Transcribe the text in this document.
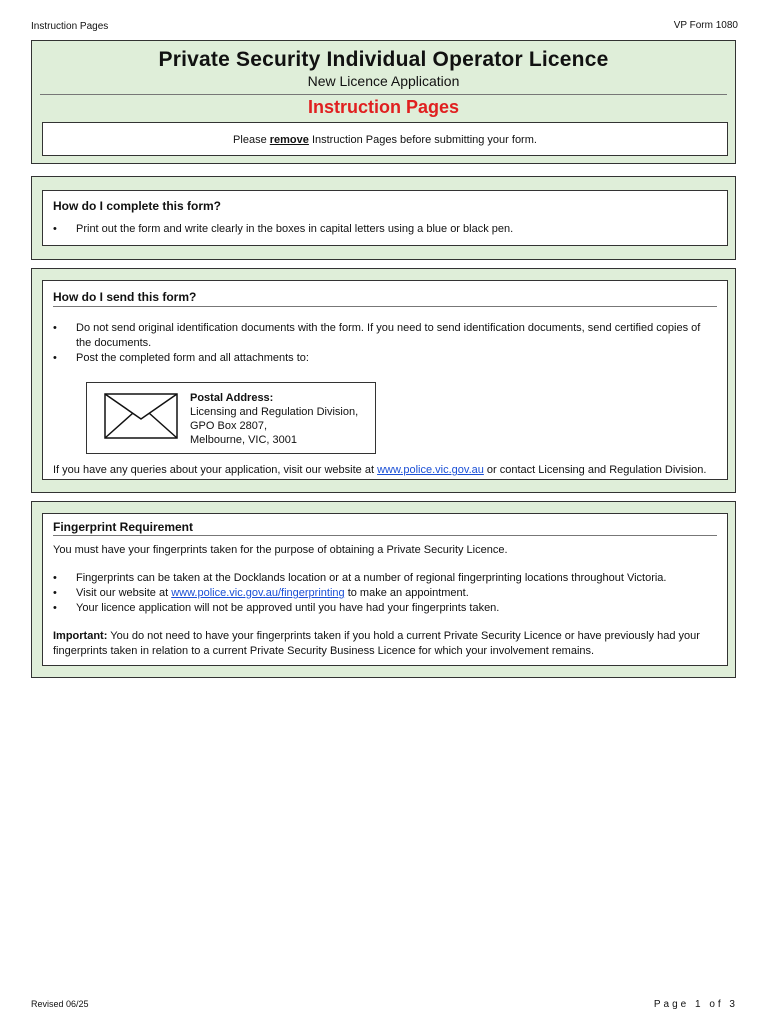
Instruction Pages	VP Form 1080
Private Security Individual Operator Licence
New Licence Application
Instruction Pages
Please remove Instruction Pages before submitting your form.
How do I complete this form?
• Print out the form and write clearly in the boxes in capital letters using a blue or black pen.
How do I send this form?
• Do not send original identification documents with the form. If you need to send identification documents, send certified copies of the documents.
• Post the completed form and all attachments to:
Postal Address:
Licensing and Regulation Division,
GPO Box 2807,
Melbourne, VIC, 3001
If you have any queries about your application, visit our website at www.police.vic.gov.au or contact Licensing and Regulation Division.
Fingerprint Requirement
You must have your fingerprints taken for the purpose of obtaining a Private Security Licence.
• Fingerprints can be taken at the Docklands location or at a number of regional fingerprinting locations throughout Victoria.
• Visit our website at www.police.vic.gov.au/fingerprinting to make an appointment.
• Your licence application will not be approved until you have had your fingerprints taken.
Important: You do not need to have your fingerprints taken if you hold a current Private Security Licence or have previously had your fingerprints taken in relation to a current Private Security Business Licence for which your involvement remains.
Revised 06/25	Page 1 of 3
